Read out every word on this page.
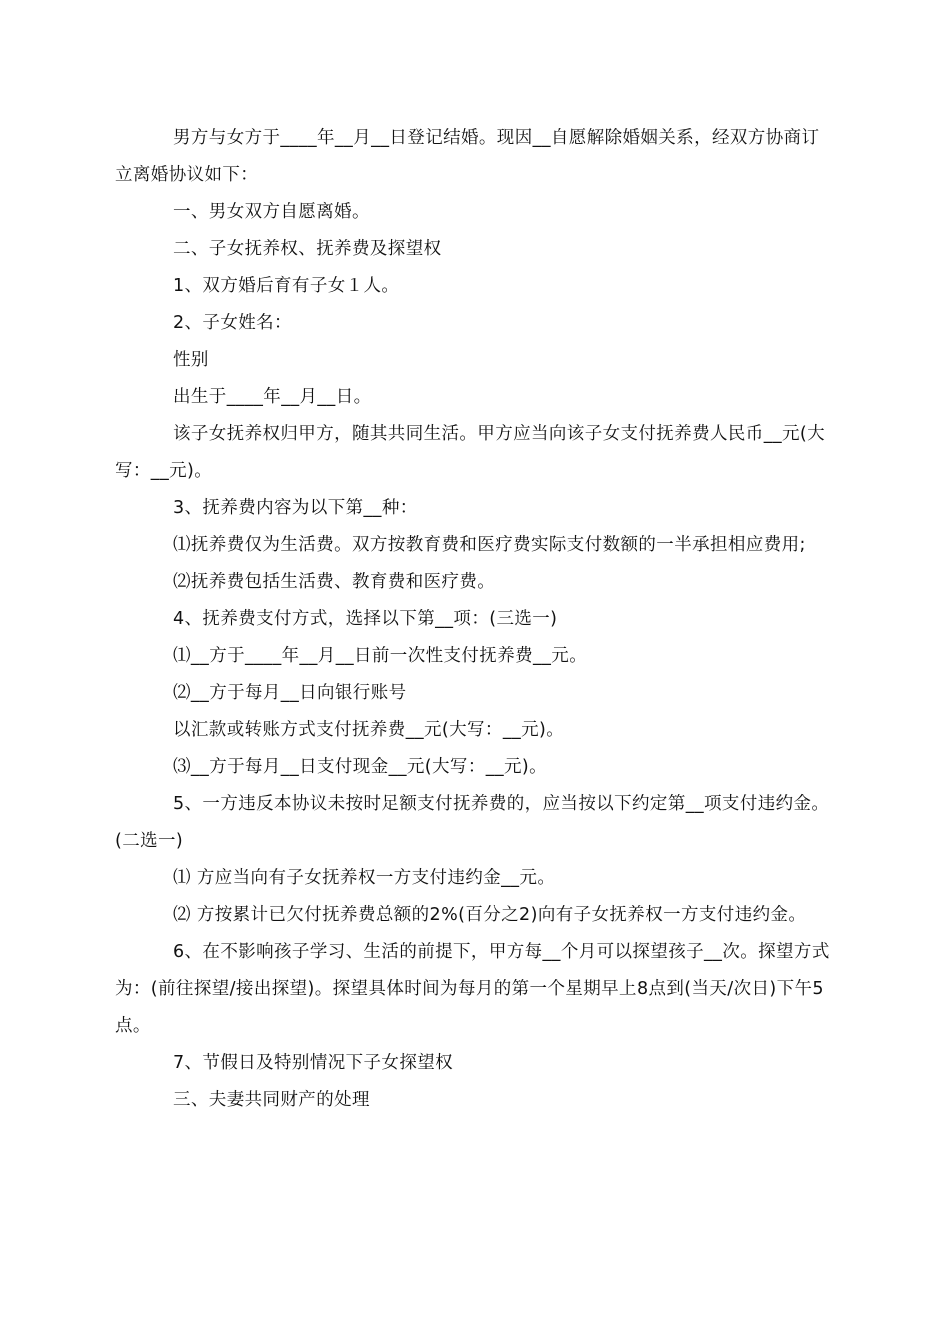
男方与女方于____年__月__日登记结婚。现因__自愿解除婚姻关系，经双方协商订立离婚协议如下：

一、男女双方自愿离婚。

二、子女抚养权、抚养费及探望权

1、双方婚后育有子女１人。

2、子女姓名：

性别

出生于____年__月__日。

该子女抚养权归甲方，随其共同生活。甲方应当向该子女支付抚养费人民币__元(大写：__元)。

3、抚养费内容为以下第__种：

⑴抚养费仅为生活费。双方按教育费和医疗费实际支付数额的一半承担相应费用;

⑵抚养费包括生活费、教育费和医疗费。

4、抚养费支付方式，选择以下第__项：(三选一)

⑴__方于____年__月__日前一次性支付抚养费__元。

⑵__方于每月__日向银行账号

以汇款或转账方式支付抚养费__元(大写：__元)。

⑶__方于每月__日支付现金__元(大写：__元)。

5、一方违反本协议未按时足额支付抚养费的，应当按以下约定第__项支付违约金。(二选一)

⑴ 方应当向有子女抚养权一方支付违约金__元。

⑵ 方按累计已欠付抚养费总额的2%(百分之2)向有子女抚养权一方支付违约金。

6、在不影响孩子学习、生活的前提下，甲方每__个月可以探望孩子__次。探望方式为：(前往探望/接出探望)。探望具体时间为每月的第一个星期早上8点到(当天/次日)下午5点。

7、节假日及特别情况下子女探望权

三、夫妻共同财产的处理
